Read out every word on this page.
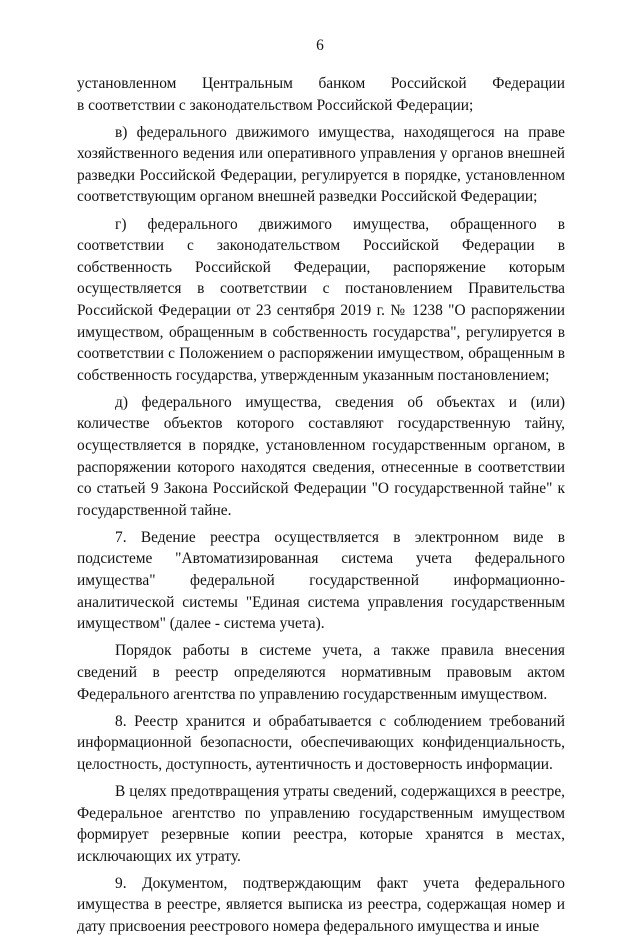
6
установленном Центральным банком Российской Федерации
в соответствии с законодательством Российской Федерации;

в) федерального движимого имущества, находящегося на праве хозяйственного ведения или оперативного управления у органов внешней разведки Российской Федерации, регулируется в порядке, установленном соответствующим органом внешней разведки Российской Федерации;

г) федерального движимого имущества, обращенного в соответствии с законодательством Российской Федерации в собственность Российской Федерации, распоряжение которым осуществляется в соответствии с постановлением Правительства Российской Федерации от 23 сентября 2019 г. № 1238 "О распоряжении имуществом, обращенным в собственность государства", регулируется в соответствии с Положением о распоряжении имуществом, обращенным в собственность государства, утвержденным указанным постановлением;

д) федерального имущества, сведения об объектах и (или) количестве объектов которого составляют государственную тайну, осуществляется в порядке, установленном государственным органом, в распоряжении которого находятся сведения, отнесенные в соответствии со статьей 9 Закона Российской Федерации "О государственной тайне" к государственной тайне.

7. Ведение реестра осуществляется в электронном виде в подсистеме "Автоматизированная система учета федерального имущества" федеральной государственной информационно-аналитической системы "Единая система управления государственным имуществом" (далее - система учета).

Порядок работы в системе учета, а также правила внесения сведений в реестр определяются нормативным правовым актом Федерального агентства по управлению государственным имуществом.

8. Реестр хранится и обрабатывается с соблюдением требований информационной безопасности, обеспечивающих конфиденциальность, целостность, доступность, аутентичность и достоверность информации.

В целях предотвращения утраты сведений, содержащихся в реестре, Федеральное агентство по управлению государственным имуществом формирует резервные копии реестра, которые хранятся в местах, исключающих их утрату.

9. Документом, подтверждающим факт учета федерального имущества в реестре, является выписка из реестра, содержащая номер и дату присвоения реестрового номера федерального имущества и иные
